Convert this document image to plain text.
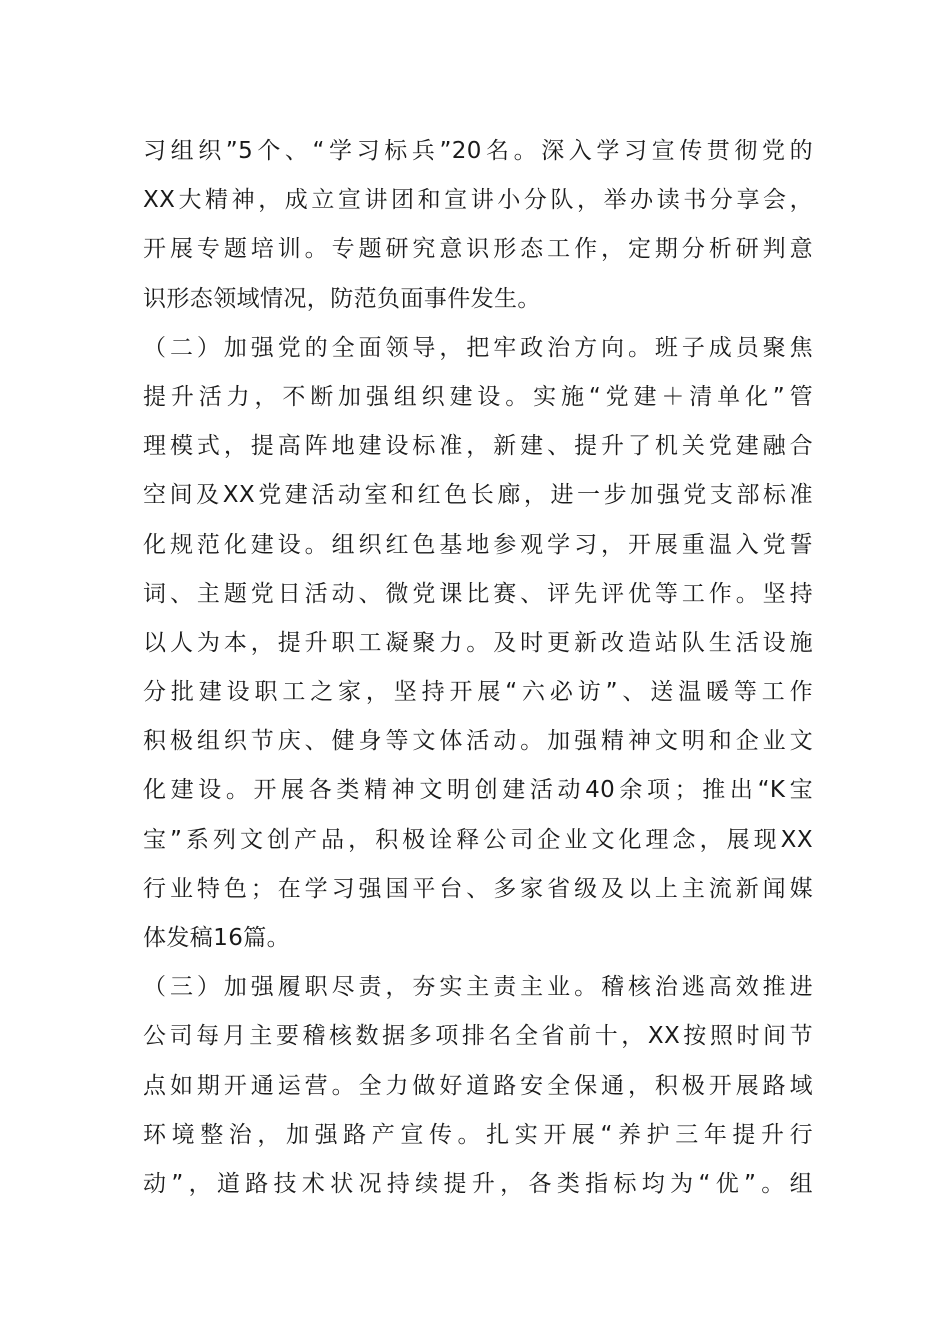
习组织”5个、“学习标兵”20名。深入学习宣传贯彻党的
XX大精神，成立宣讲团和宣讲小分队，举办读书分享会，
开展专题培训。专题研究意识形态工作，定期分析研判意
识形态领域情况，防范负面事件发生。
（二）加强党的全面领导，把牢政治方向。班子成员聚焦
提升活力，不断加强组织建设。实施“党建＋清单化”管
理模式，提高阵地建设标准，新建、提升了机关党建融合
空间及XX党建活动室和红色长廊，进一步加强党支部标准
化规范化建设。组织红色基地参观学习，开展重温入党誓
词、主题党日活动、微党课比赛、评先评优等工作。坚持
以人为本，提升职工凝聚力。及时更新改造站队生活设施
分批建设职工之家，坚持开展“六必访”、送温暖等工作
积极组织节庆、健身等文体活动。加强精神文明和企业文
化建设。开展各类精神文明创建活动40余项；推出“K宝
宝”系列文创产品，积极诠释公司企业文化理念，展现XX
行业特色；在学习强国平台、多家省级及以上主流新闻媒
体发稿16篇。
（三）加强履职尽责，夯实主责主业。稽核治逃高效推进
公司每月主要稽核数据多项排名全省前十，XX按照时间节
点如期开通运营。全力做好道路安全保通，积极开展路域
环境整治，加强路产宣传。扎实开展“养护三年提升行
动”，道路技术状况持续提升，各类指标均为“优”。组
